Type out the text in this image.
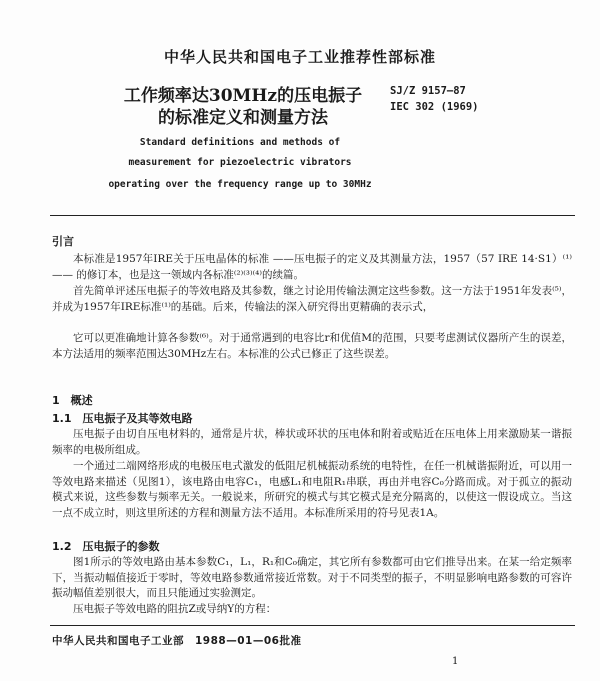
中华人民共和国电子工业推荐性部标准
工作频率达30MHz的压电振子
的标准定义和测量方法
SJ/Z 9157—87
IEC 302 (1969)
Standard definitions and methods of
measurement for piezoelectric vibrators
operating over the frequency range up to 30MHz
引言
本标准是1957年IRE关于压电晶体的标准 ——压电振子的定义及其测量方法，1957（57 IRE 14·S1）⁽¹⁾ —— 的修订本，也是这一领域内各标准⁽²⁾⁽³⁾⁽⁴⁾的续篇。
首先简单评述压电振子的等效电路及其参数，继之讨论用传输法测定这些参数。这一方法于1951年发表⁽⁵⁾，并成为1957年IRE标准⁽¹⁾的基础。后来，传输法的深入研究得出更精确的表示式，
它可以更准确地计算各参数⁽⁶⁾。对于通常遇到的电容比r和优值M的范围，只要考虑测试仪器所产生的误差，本方法适用的频率范围达30MHz左右。本标准的公式已修正了这些误差。
1　概述
1.1　压电振子及其等效电路
压电振子由切自压电材料的，通常是片状，棒状或环状的压电体和附着或贴近在压电体上用来激励某一谐振频率的电极所组成。
一个通过二端网络形成的电极压电式激发的低阻尼机械振动系统的电特性，在任一机械谐振附近，可以用一等效电路来描述（见图1），该电路由电容C₁，电感L₁和电阻R₁串联，再由并电容C₀分路而成。对于孤立的振动模式来说，这些参数与频率无关。一般说来，所研究的模式与其它模式是充分隔离的，以使这一假设成立。当这一点不成立时，则这里所述的方程和测量方法不适用。本标准所采用的符号见表1A。
1.2　压电振子的参数
图1所示的等效电路由基本参数C₁，L₁，R₁和C₀确定，其它所有参数都可由它们推导出来。在某一给定频率下，当振动幅值接近于零时，等效电路参数通常接近常数。对于不同类型的振子，不明显影响电路参数的可容许振动幅值差别很大，而且只能通过实验测定。
压电振子等效电路的阻抗Z或导纳Y的方程：
中华人民共和国电子工业部　1988—01—06批准
1
